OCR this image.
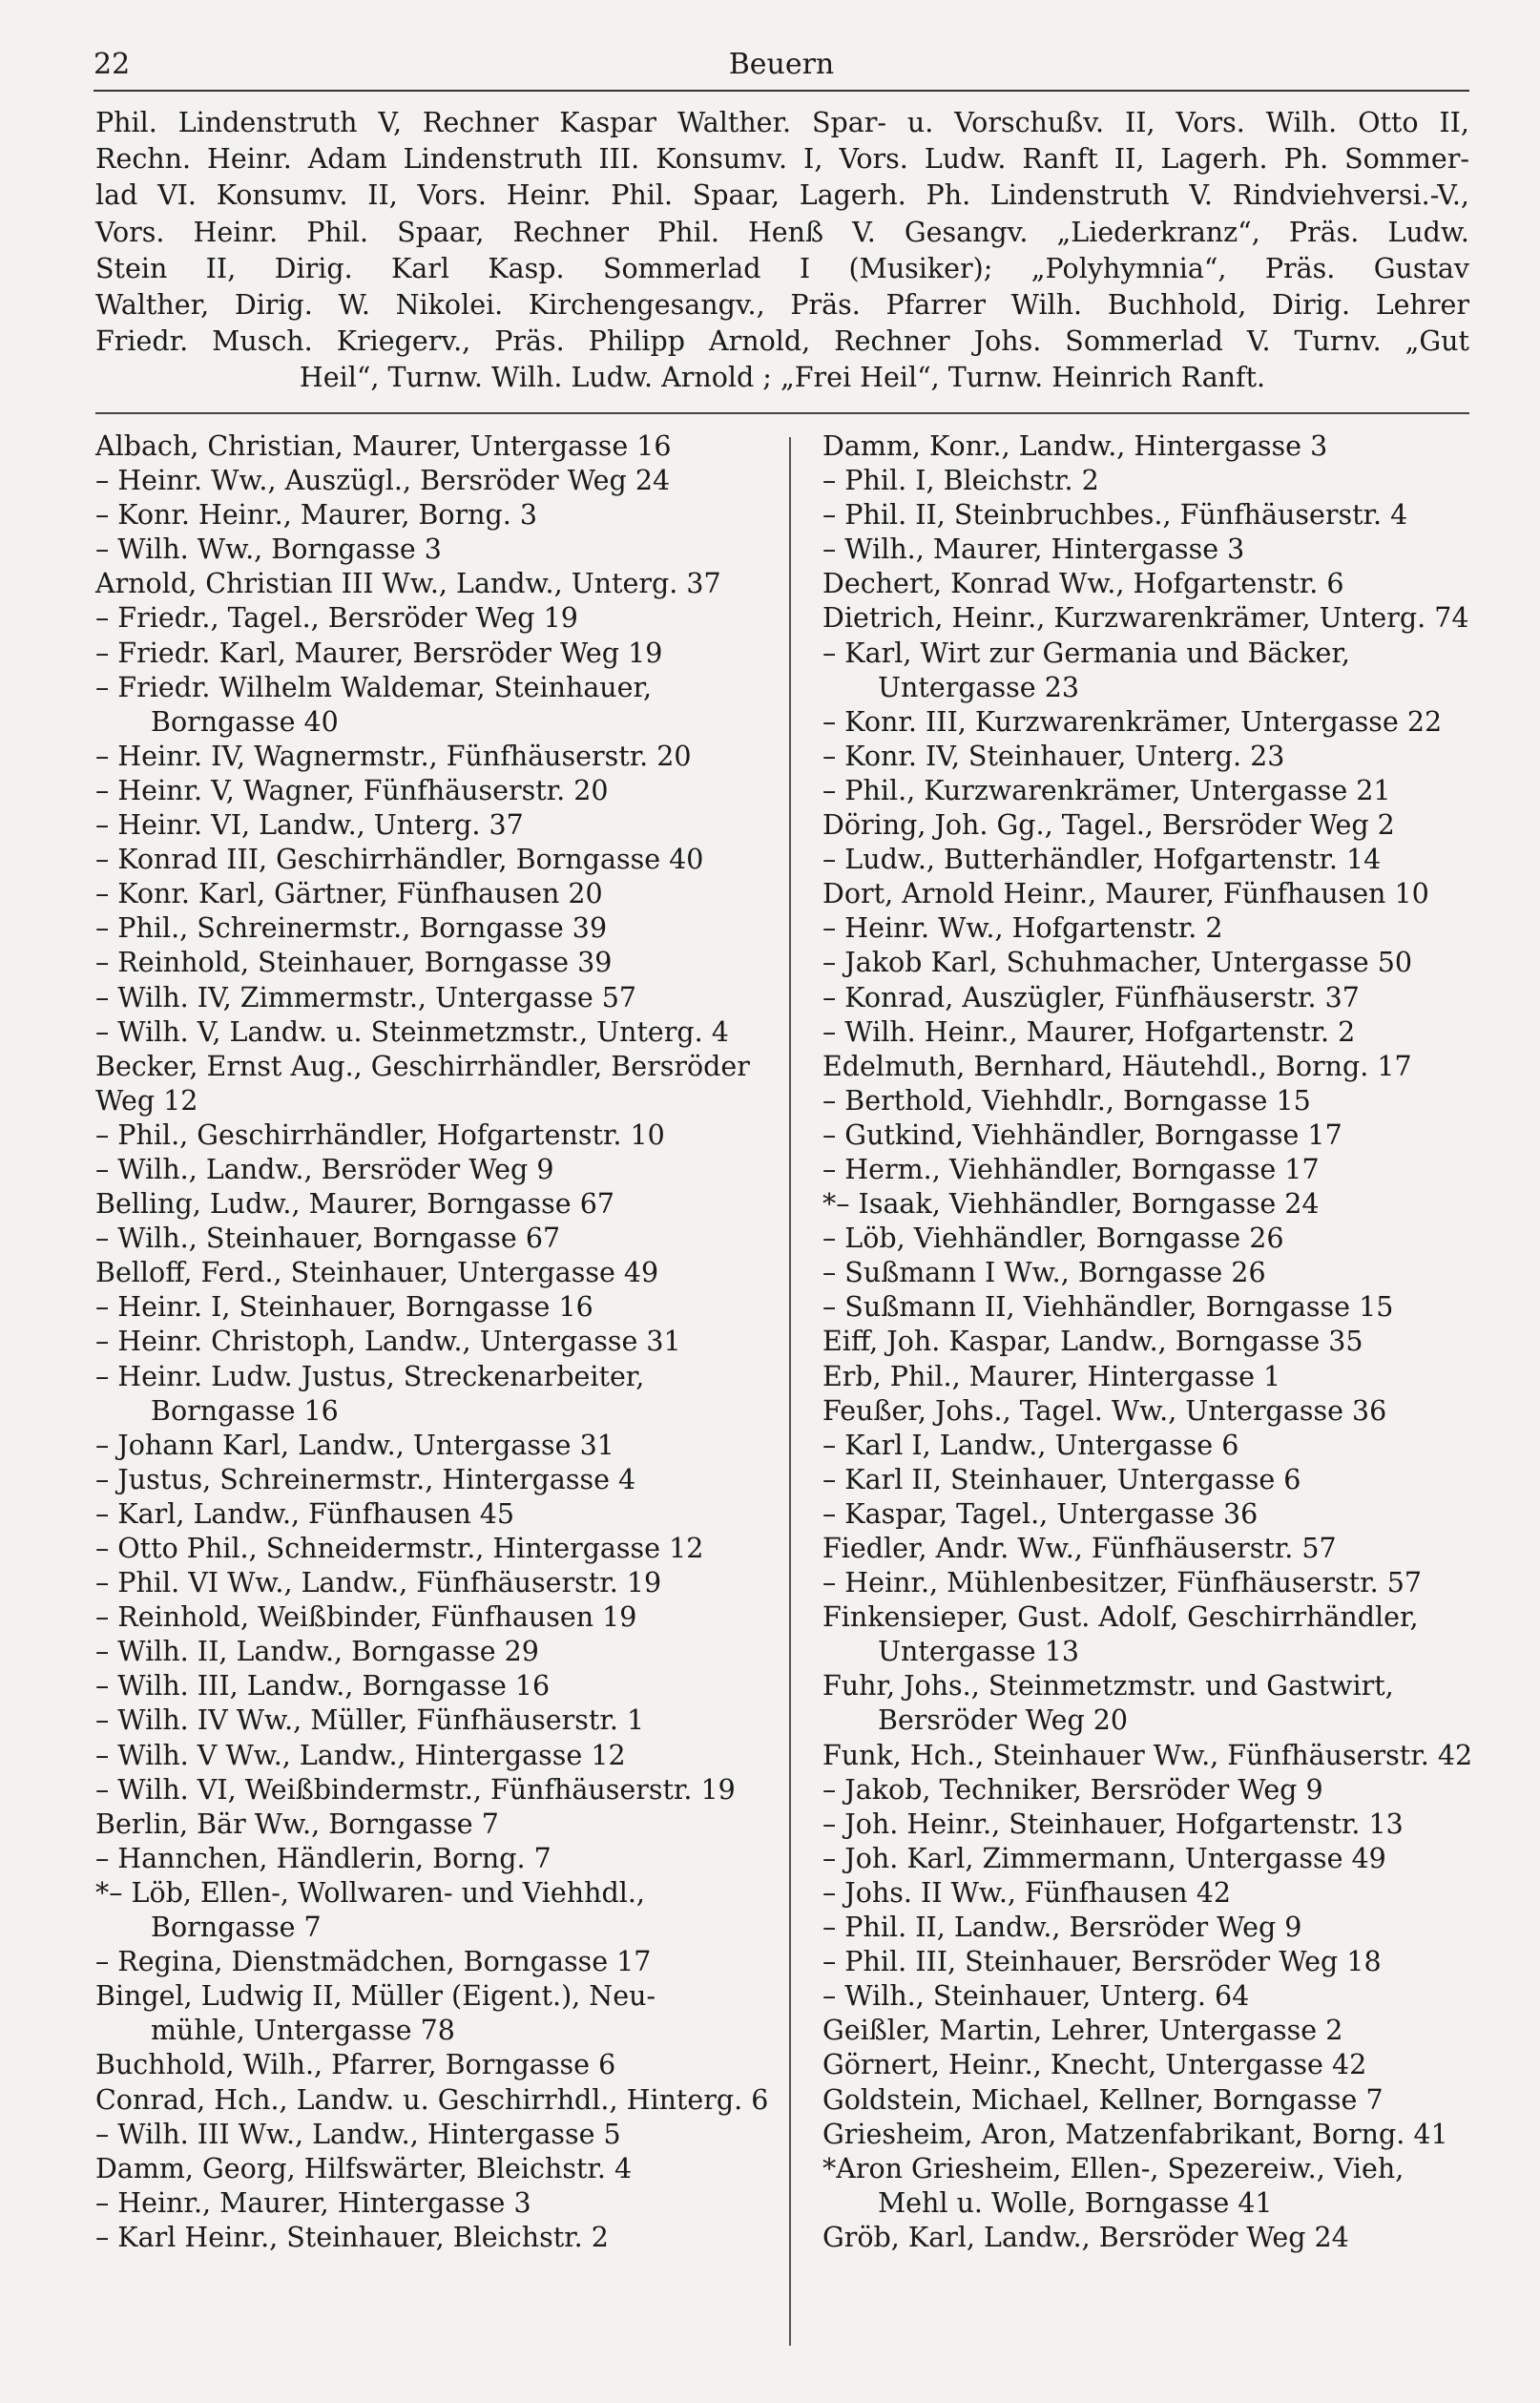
22	Beuern
Phil. Lindenstruth V, Rechner Kaspar Walther. Spar- u. Vorschußv. II, Vors. Wilh. Otto II,
Rechn. Heinr. Adam Lindenstruth III. Konsumv. I, Vors. Ludw. Ranft II, Lagerh. Ph. Sommer-
lad VI. Konsumv. II, Vors. Heinr. Phil. Spaar, Lagerh. Ph. Lindenstruth V. Rindviehversi.-V.,
Vors. Heinr. Phil. Spaar, Rechner Phil. Henß V. Gesangv. „Liederkranz“, Präs. Ludw.
Stein II, Dirig. Karl Kasp. Sommerlad I (Musiker); „Polyhymnia“, Präs. Gustav
Walther, Dirig. W. Nikolei. Kirchengesangv., Präs. Pfarrer Wilh. Buchhold, Dirig. Lehrer
Friedr. Musch. Kriegerv., Präs. Philipp Arnold, Rechner Johs. Sommerlad V. Turnv. „Gut
Heil“, Turnw. Wilh. Ludw. Arnold ; „Frei Heil“, Turnw. Heinrich Ranft.
Albach, Christian, Maurer, Untergasse 16
– Heinr. Ww., Auszügl., Bersröder Weg 24
– Konr. Heinr., Maurer, Borng. 3
– Wilh. Ww., Borngasse 3
Arnold, Christian III Ww., Landw., Unterg. 37
– Friedr., Tagel., Bersröder Weg 19
– Friedr. Karl, Maurer, Bersröder Weg 19
– Friedr. Wilhelm Waldemar, Steinhauer,
Borngasse 40
– Heinr. IV, Wagnermstr., Fünfhäuserstr. 20
– Heinr. V, Wagner, Fünfhäuserstr. 20
– Heinr. VI, Landw., Unterg. 37
– Konrad III, Geschirrhändler, Borngasse 40
– Konr. Karl, Gärtner, Fünfhausen 20
– Phil., Schreinermstr., Borngasse 39
– Reinhold, Steinhauer, Borngasse 39
– Wilh. IV, Zimmermstr., Untergasse 57
– Wilh. V, Landw. u. Steinmetzmstr., Unterg. 4
Becker, Ernst Aug., Geschirrhändler, Bersröder
Weg 12
– Phil., Geschirrhändler, Hofgartenstr. 10
– Wilh., Landw., Bersröder Weg 9
Belling, Ludw., Maurer, Borngasse 67
– Wilh., Steinhauer, Borngasse 67
Belloff, Ferd., Steinhauer, Untergasse 49
– Heinr. I, Steinhauer, Borngasse 16
– Heinr. Christoph, Landw., Untergasse 31
– Heinr. Ludw. Justus, Streckenarbeiter,
Borngasse 16
– Johann Karl, Landw., Untergasse 31
– Justus, Schreinermstr., Hintergasse 4
– Karl, Landw., Fünfhausen 45
– Otto Phil., Schneidermstr., Hintergasse 12
– Phil. VI Ww., Landw., Fünfhäuserstr. 19
– Reinhold, Weißbinder, Fünfhausen 19
– Wilh. II, Landw., Borngasse 29
– Wilh. III, Landw., Borngasse 16
– Wilh. IV Ww., Müller, Fünfhäuserstr. 1
– Wilh. V Ww., Landw., Hintergasse 12
– Wilh. VI, Weißbindermstr., Fünfhäuserstr. 19
Berlin, Bär Ww., Borngasse 7
– Hannchen, Händlerin, Borng. 7
*– Löb, Ellen-, Wollwaren- und Viehhdl.,
Borngasse 7
– Regina, Dienstmädchen, Borngasse 17
Bingel, Ludwig II, Müller (Eigent.), Neu-
mühle, Untergasse 78
Buchhold, Wilh., Pfarrer, Borngasse 6
Conrad, Hch., Landw. u. Geschirrhdl., Hinterg. 6
– Wilh. III Ww., Landw., Hintergasse 5
Damm, Georg, Hilfswärter, Bleichstr. 4
– Heinr., Maurer, Hintergasse 3
– Karl Heinr., Steinhauer, Bleichstr. 2
Damm, Konr., Landw., Hintergasse 3
– Phil. I, Bleichstr. 2
– Phil. II, Steinbruchbes., Fünfhäuserstr. 4
– Wilh., Maurer, Hintergasse 3
Dechert, Konrad Ww., Hofgartenstr. 6
Dietrich, Heinr., Kurzwarenkrämer, Unterg. 74
– Karl, Wirt zur Germania und Bäcker,
Untergasse 23
– Konr. III, Kurzwarenkrämer, Untergasse 22
– Konr. IV, Steinhauer, Unterg. 23
– Phil., Kurzwarenkrämer, Untergasse 21
Döring, Joh. Gg., Tagel., Bersröder Weg 2
– Ludw., Butterhändler, Hofgartenstr. 14
Dort, Arnold Heinr., Maurer, Fünfhausen 10
– Heinr. Ww., Hofgartenstr. 2
– Jakob Karl, Schuhmacher, Untergasse 50
– Konrad, Auszügler, Fünfhäuserstr. 37
– Wilh. Heinr., Maurer, Hofgartenstr. 2
Edelmuth, Bernhard, Häutehdl., Borng. 17
– Berthold, Viehhdlr., Borngasse 15
– Gutkind, Viehhändler, Borngasse 17
– Herm., Viehhändler, Borngasse 17
*– Isaak, Viehhändler, Borngasse 24
– Löb, Viehhändler, Borngasse 26
– Sußmann I Ww., Borngasse 26
– Sußmann II, Viehhändler, Borngasse 15
Eiff, Joh. Kaspar, Landw., Borngasse 35
Erb, Phil., Maurer, Hintergasse 1
Feußer, Johs., Tagel. Ww., Untergasse 36
– Karl I, Landw., Untergasse 6
– Karl II, Steinhauer, Untergasse 6
– Kaspar, Tagel., Untergasse 36
Fiedler, Andr. Ww., Fünfhäuserstr. 57
– Heinr., Mühlenbesitzer, Fünfhäuserstr. 57
Finkensieper, Gust. Adolf, Geschirrhändler,
Untergasse 13
Fuhr, Johs., Steinmetzmstr. und Gastwirt,
Bersröder Weg 20
Funk, Hch., Steinhauer Ww., Fünfhäuserstr. 42
– Jakob, Techniker, Bersröder Weg 9
– Joh. Heinr., Steinhauer, Hofgartenstr. 13
– Joh. Karl, Zimmermann, Untergasse 49
– Johs. II Ww., Fünfhausen 42
– Phil. II, Landw., Bersröder Weg 9
– Phil. III, Steinhauer, Bersröder Weg 18
– Wilh., Steinhauer, Unterg. 64
Geißler, Martin, Lehrer, Untergasse 2
Görnert, Heinr., Knecht, Untergasse 42
Goldstein, Michael, Kellner, Borngasse 7
Griesheim, Aron, Matzenfabrikant, Borng. 41
*Aron Griesheim, Ellen-, Spezereiw., Vieh,
Mehl u. Wolle, Borngasse 41
Gröb, Karl, Landw., Bersröder Weg 24
